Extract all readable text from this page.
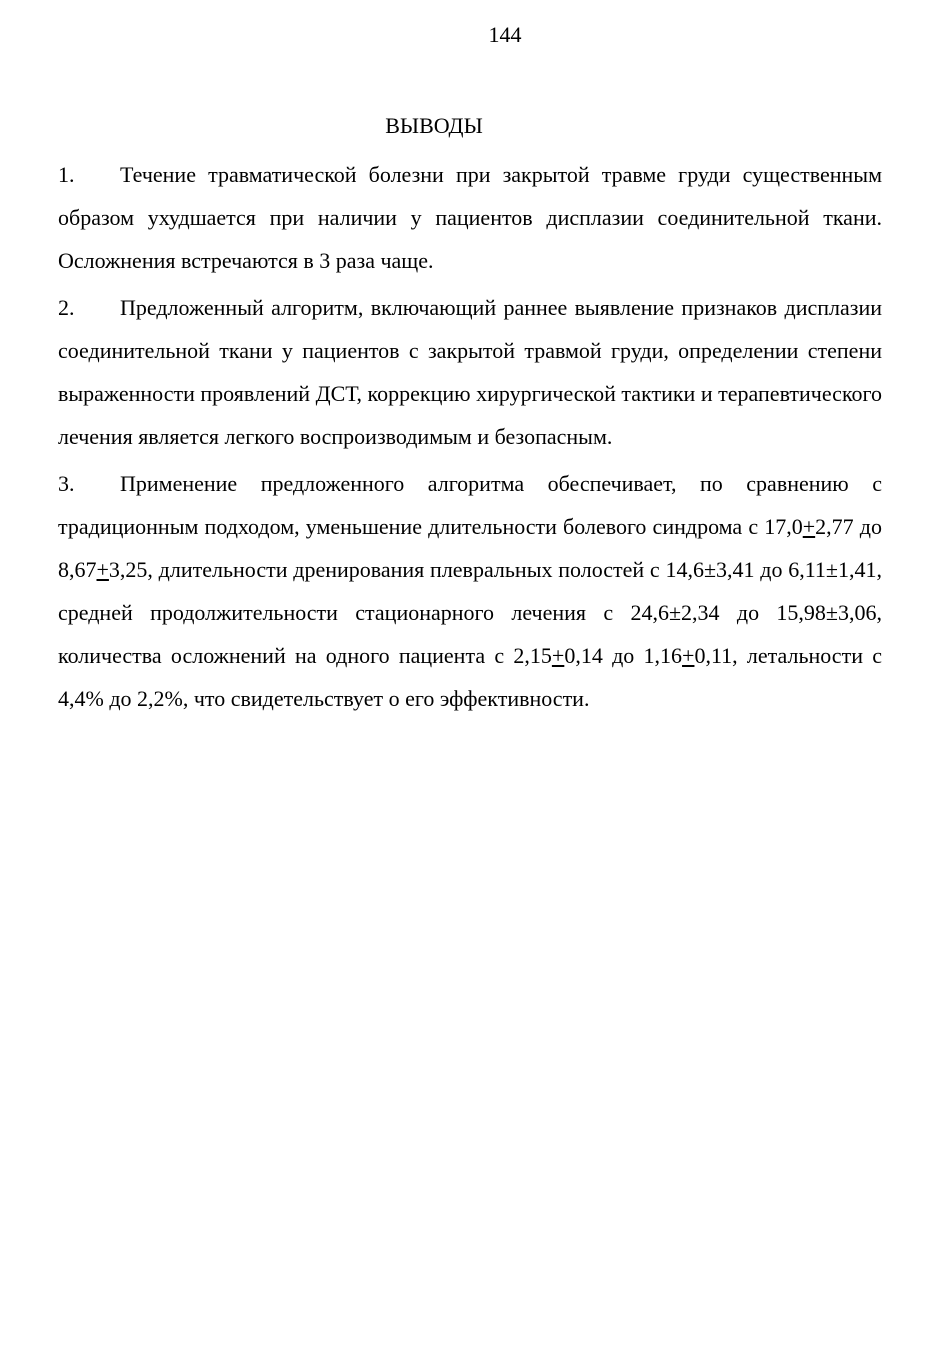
144
ВЫВОДЫ

1. Течение травматической болезни при закрытой травме груди существенным образом ухудшается при наличии у пациентов дисплазии соединительной ткани. Осложнения встречаются в 3 раза чаще.

2. Предложенный алгоритм, включающий раннее выявление признаков дисплазии соединительной ткани у пациентов с закрытой травмой груди, определении степени выраженности проявлений ДСТ, коррекцию хирургической тактики и терапевтического лечения является легкого воспроизводимым и безопасным.

3. Применение предложенного алгоритма обеспечивает, по сравнению с традиционным подходом, уменьшение длительности болевого синдрома с 17,0+2,77 до 8,67+3,25, длительности дренирования плевральных полостей с 14,6±3,41 до 6,11±1,41, средней продолжительности стационарного лечения с 24,6±2,34 до 15,98±3,06, количества осложнений на одного пациента с 2,15+0,14 до 1,16+0,11, летальности с 4,4% до 2,2%, что свидетельствует о его эффективности.
